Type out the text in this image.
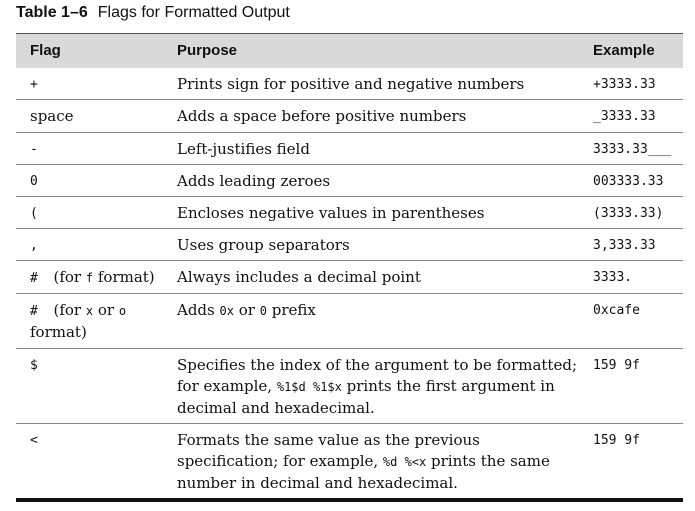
Table 1–6 Flags for Formatted Output
Flag	Purpose	Example
+	Prints sign for positive and negative numbers	+3333.33
space	Adds a space before positive numbers	_3333.33
-	Left-justifies field	3333.33___
0	Adds leading zeroes	003333.33
(	Encloses negative values in parentheses	(3333.33)
,	Uses group separators	3,333.33
# (for f format)	Always includes a decimal point	3333.
# (for x or o format)	Adds 0x or 0 prefix	0xcafe
$	Specifies the index of the argument to be formatted; for example, %1$d %1$x prints the first argument in decimal and hexadecimal.	159 9f
<	Formats the same value as the previous specification; for example, %d %<x prints the same number in decimal and hexadecimal.	159 9f
